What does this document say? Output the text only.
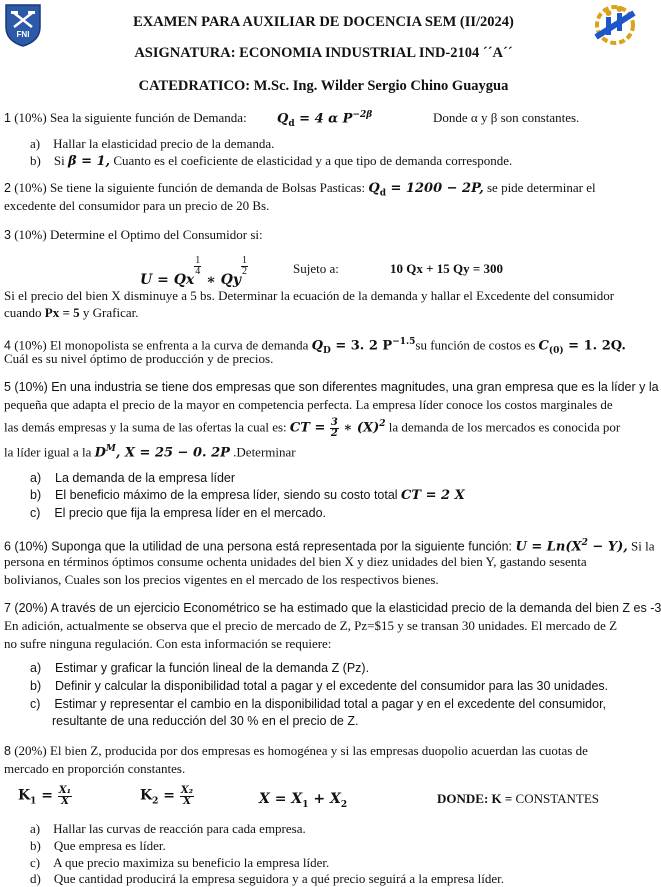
FNI
EXAMEN PARA AUXILIAR DE DOCENCIA SEM (II/2024)
ASIGNATURA: ECONOMIA INDUSTRIAL IND-2104 ´´A´´
CATEDRATICO: M.Sc. Ing. Wilder Sergio Chino Guaygua
1 (10%) Sea la siguiente función de Demanda: $Q_d = 4$ α $P^{-2\beta}$	Donde α y β son constantes.
a) Hallar la elasticidad precio de la demanda.
b) Si β = 1, Cuanto es el coeficiente de elasticidad y a que tipo de demanda corresponde.
2 (10%) Se tiene la siguiente función de demanda de Bolsas Pasticas: $Q_d = 1200 - 2P$, se pide determinar el
excedente del consumidor para un precio de 20 Bs.
3 (10%) Determine el Optimo del Consumidor si:
U = Qx
$\frac{1}{4}$
∗ Qy
$\frac{1}{2}$	Sujeto a:	10 Qx + 15 Qy = 300
Si el precio del bien X disminuye a 5 bs. Determinar la ecuación de la demanda y hallar el Excedente del consumidor
cuando Px = 5 y Graficar.
4 (10%) El monopolista se enfrenta a la curva de demanda $Q_D = 3$. 2 $P^{-1.5}su$ función de costos es $C_{(0)} = 1$. 2Q.
Cuál es su nivel óptimo de producción y de precios.
5 (10%) En una industria se tiene dos empresas que son diferentes magnitudes, una gran empresa que es la líder y la
pequeña que adapta el precio de la mayor en competencia perfecta. La empresa líder conoce los costos marginales de
las demás empresas y la suma de las ofertas la cual es: CT = $\frac{3}{2}$ ∗ $(X)^2$ la demanda de los mercados es conocida por
la líder igual a la $D^M$, X = 25 − 0. 2P .Determinar
a) La demanda de la empresa líder
b) El beneficio máximo de la empresa líder, siendo su costo total CT = 2 X
c) El precio que fija la empresa líder en el mercado.
6 (10%) Suponga que la utilidad de una persona está representada por la siguiente función: $U = Ln(X^2 - Y)$, Si la
persona en términos óptimos consume ochenta unidades del bien X y diez unidades del bien Y, gastando sesenta
bolivianos, Cuales son los precios vigentes en el mercado de los respectivos bienes.
7 (20%) A través de un ejercicio Econométrico se ha estimado que la elasticidad precio de la demanda del bien Z es -3
En adición, actualmente se observa que el precio de mercado de Z, Pz=$15 y se transan 30 unidades. El mercado de Z
no sufre ninguna regulación. Con esta información se requiere:
a) Estimar y graficar la función lineal de la demanda Z (Pz).
b) Definir y calcular la disponibilidad total a pagar y el excedente del consumidor para las 30 unidades.
c) Estimar y representar el cambio en la disponibilidad total a pagar y en el excedente del consumidor,
resultante de una reducción del 30 % en el precio de Z.
8 (20%) El bien Z, producida por dos empresas es homogénea y si las empresas duopolio acuerdan las cuotas de
mercado en proporción constantes.
$K_1 = \frac{\text{X₁}}{X}$	$K_2 = \frac{\text{X₂}}{X}$	$X = X_1 + X_2$	DONDE: K = CONSTANTES
a) Hallar las curvas de reacción para cada empresa.
b) Que empresa es líder.
c) A que precio maximiza su beneficio la empresa líder.
d) Que cantidad producirá la empresa seguidora y a qué precio seguirá a la empresa líder.
